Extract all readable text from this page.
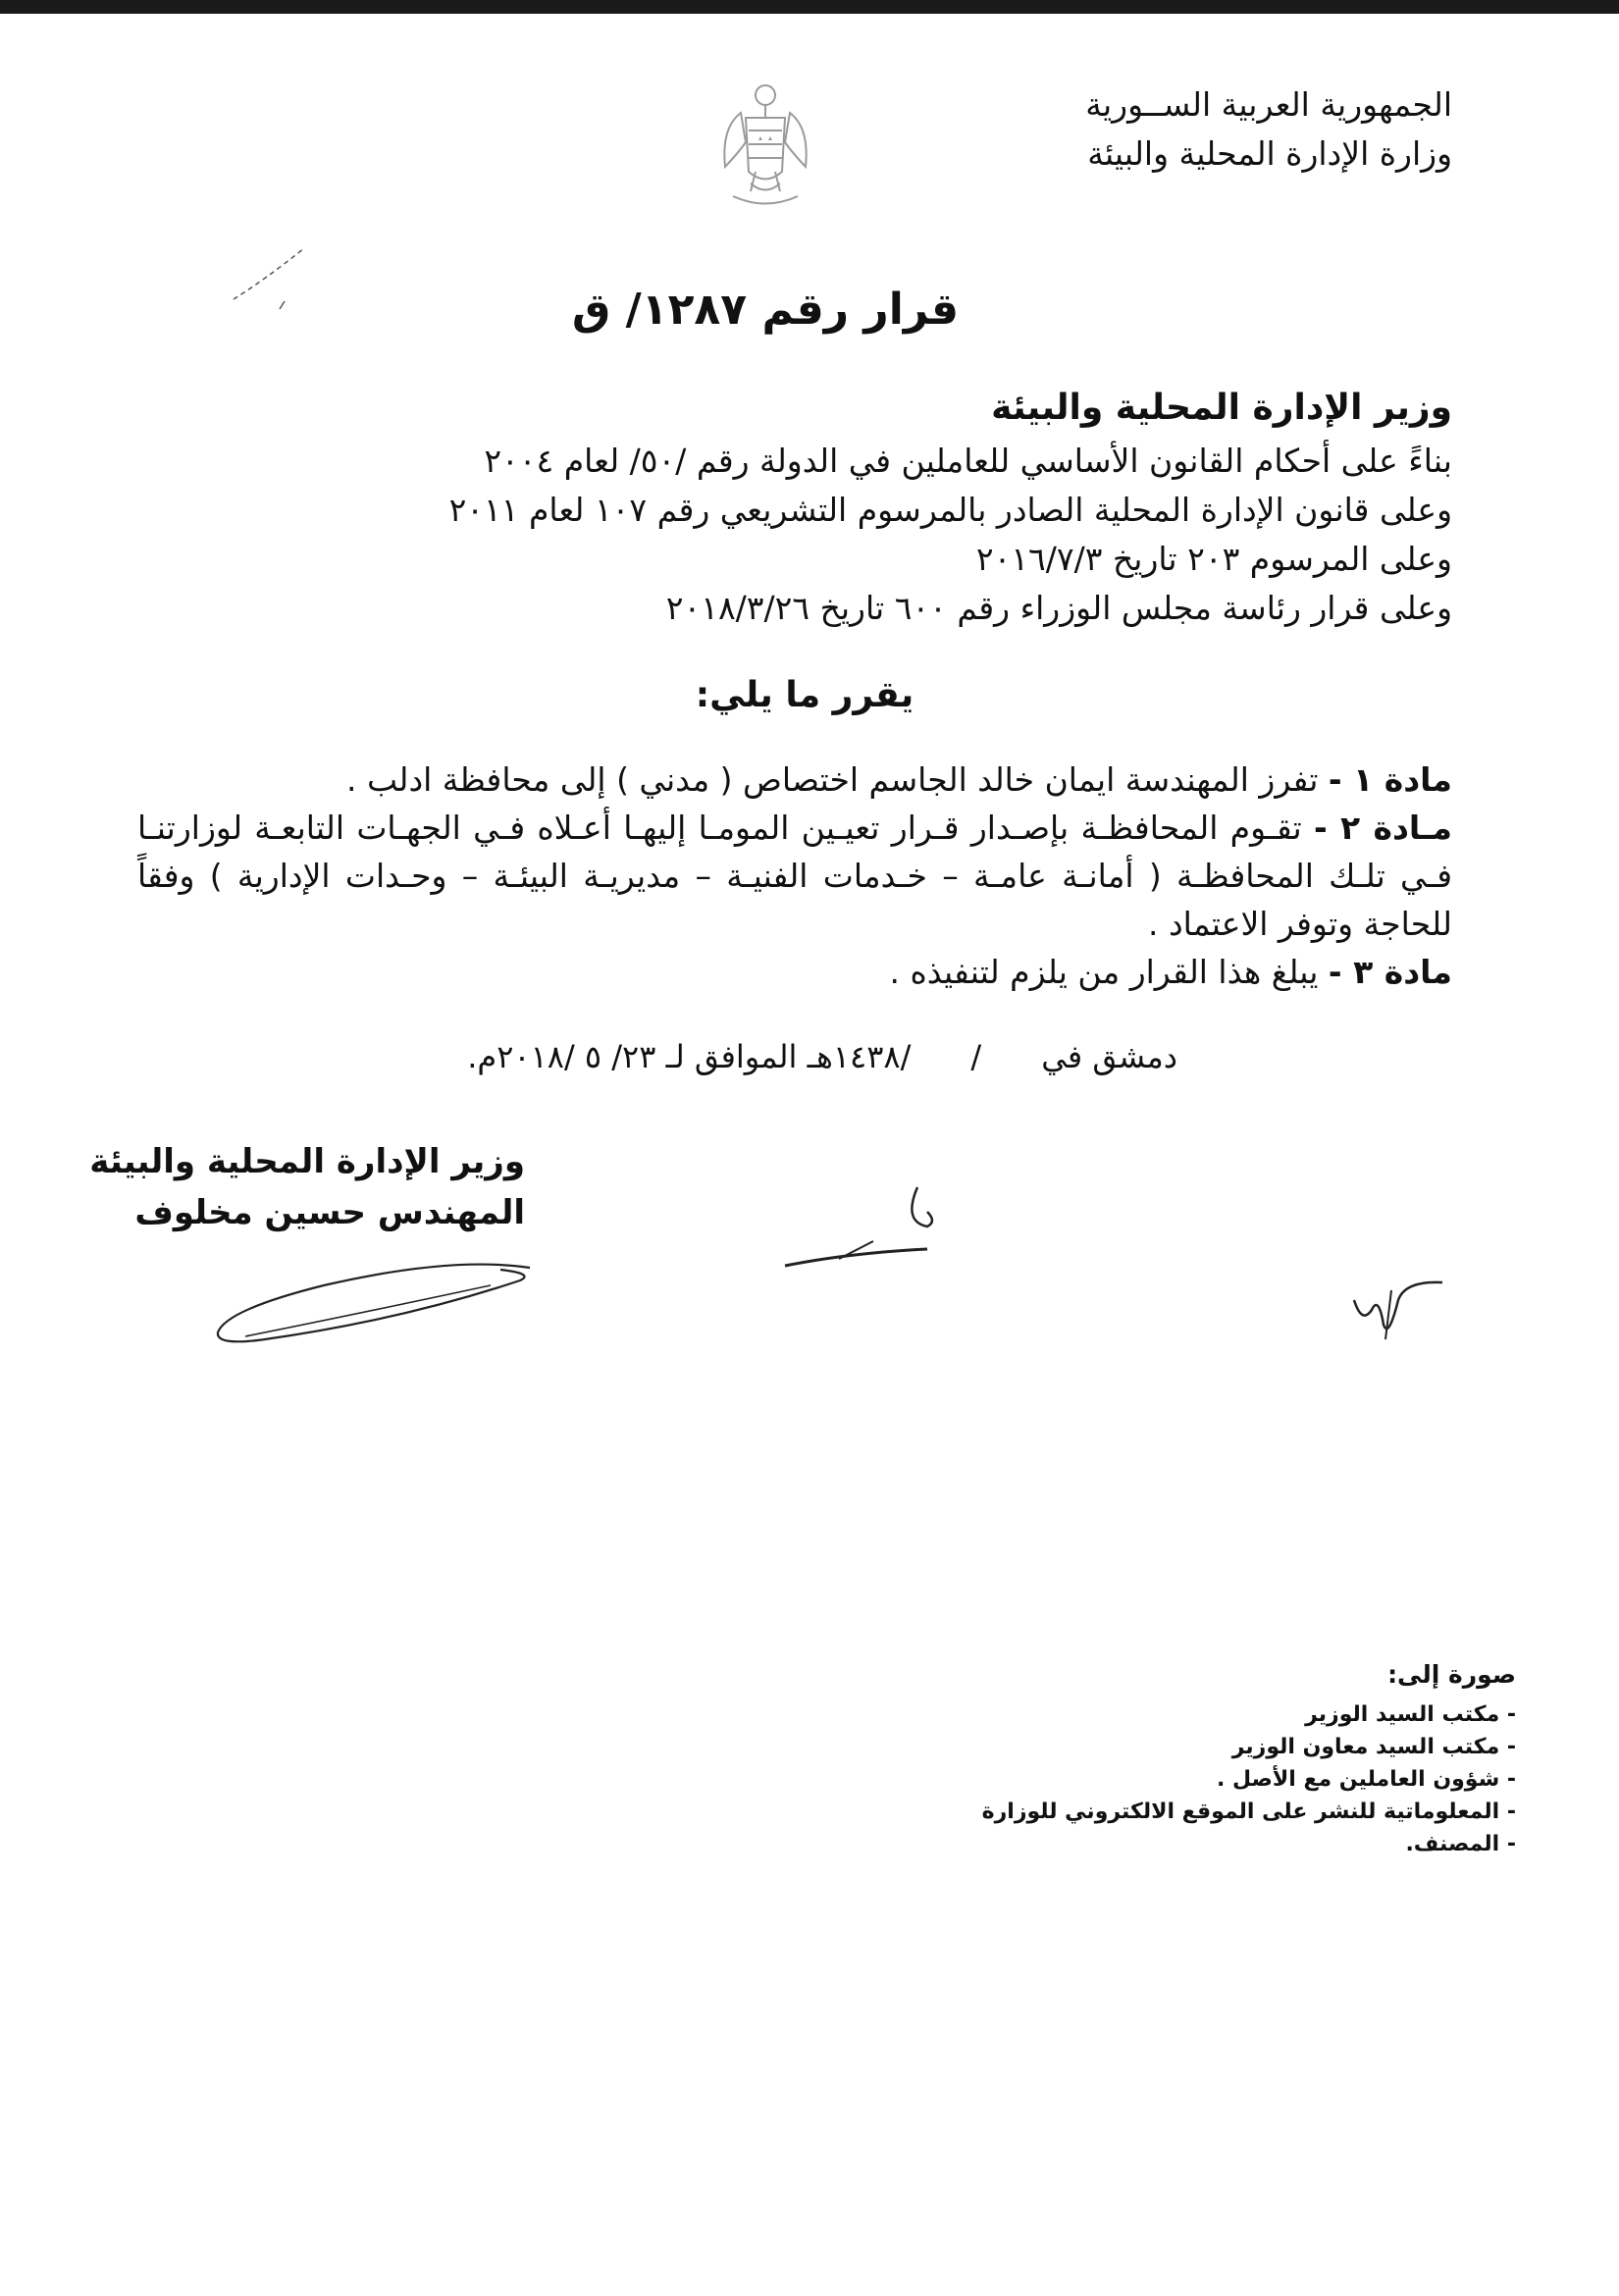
الجمهورية العربية الســورية
وزارة الإدارة المحلية والبيئة
قرار رقم ١٢٨٧/ ق
وزير الإدارة المحلية والبيئة
بناءً على أحكام القانون الأساسي للعاملين في الدولة رقم /٥٠/ لعام ٢٠٠٤
وعلى قانون الإدارة المحلية الصادر بالمرسوم التشريعي رقم ١٠٧ لعام ٢٠١١
وعلى المرسوم ٢٠٣ تاريخ ٢٠١٦/٧/٣
وعلى قرار رئاسة مجلس الوزراء رقم ٦٠٠ تاريخ ٢٠١٨/٣/٢٦
يقرر ما يلي:

مادة ١ - تفرز المهندسة ايمان خالد الجاسم اختصاص ( مدني ) إلى محافظة ادلب .

مـادة ٢ - تقـوم المحافظـة بإصـدار قـرار تعيـين المومـا إليهـا أعـلاه فـي الجهـات التابعـة لوزارتنـا فـي تلـك المحافظـة ( أمانـة عامـة – خـدمات الفنيـة – مديريـة البيئـة – وحـدات الإدارية ) وفقاً للحاجة وتوفر الاعتماد .

مادة ٣ - يبلغ هذا القرار من يلزم لتنفيذه .

دمشق في      /      /١٤٣٨هـ الموافق لـ ٢٣/ ٥ /٢٠١٨م.
وزير الإدارة المحلية والبيئة
المهندس حسين مخلوف
صورة إلى:
- مكتب السيد الوزير
- مكتب السيد معاون الوزير
- شؤون العاملين مع الأصل .
- المعلوماتية للنشر على الموقع الالكتروني للوزارة
- المصنف.
